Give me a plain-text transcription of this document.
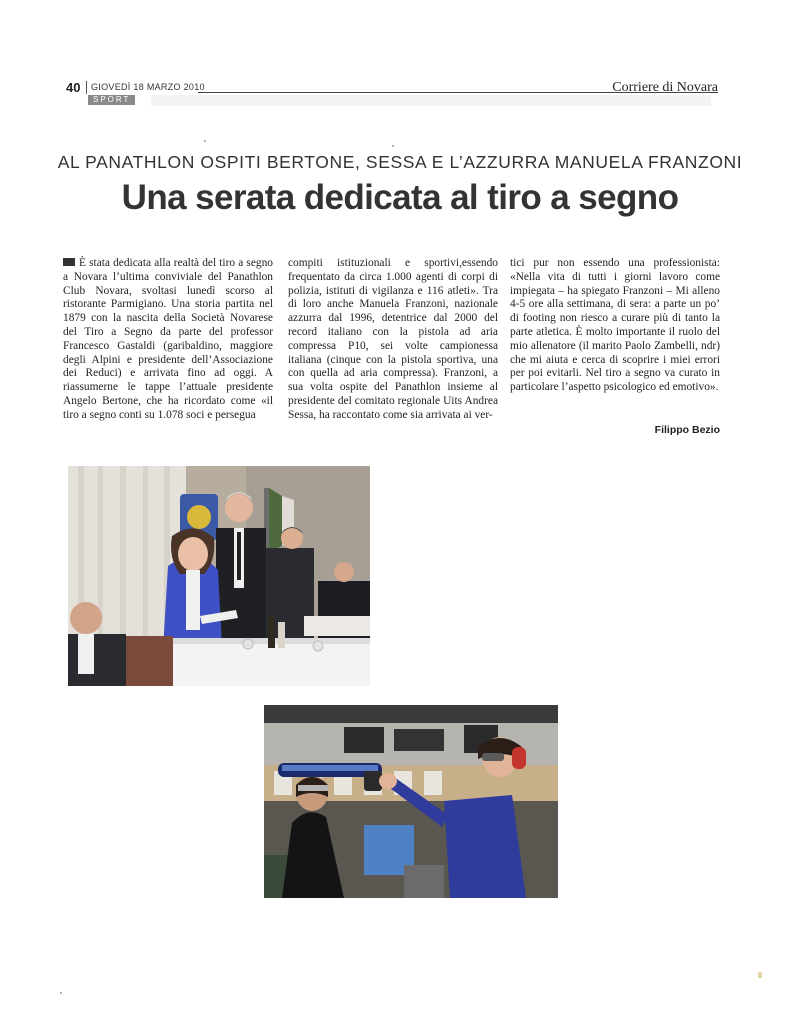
40 GIOVEDÌ 18 MARZO 2010
SPORT
Corriere di Novara
AL PANATHLON OSPITI BERTONE, SESSA E L’AZZURRA MANUELA FRANZONI
Una serata dedicata al tiro a segno
È stata dedicata alla realtà del tiro a segno a Novara l’ultima conviviale del Panathlon Club Novara, svoltasi lunedì scorso al ristorante Parmigiano. Una storia partita nel 1879 con la nascita della Società Novarese del Tiro a Segno da parte del professor Francesco Gastaldi (garibaldino, maggiore degli Alpini e presidente dell’Associazione dei Reduci) e arrivata fino ad oggi. A riassumerne le tappe l’attuale presidente Angelo Bertone, che ha ricordato come «il tiro a segno conti su 1.078 soci e persegua
compiti istituzionali e sportivi,essendo frequentato da circa 1.000 agenti di corpi di polizia, istituti di vigilanza e 116 atleti». Tra di loro anche Manuela Franzoni, nazionale azzurra dal 1996, detentrice dal 2000 del record italiano con la pistola ad aria compressa P10, sei volte campionessa italiana (cinque con la pistola sportiva, una con quella ad aria compressa). Franzoni, a sua volta ospite del Panathlon insieme al presidente del comitato regionale Uits Andrea Sessa, ha raccontato come sia arrivata ai ver-
tici pur non essendo una professionista: «Nella vita di tutti i giorni lavoro come impiegata – ha spiegato Franzoni – Mi alleno 4-5 ore alla settimana, di sera: a parte un po’ di footing non riesco a curare più di tanto la parte atletica. È molto importante il ruolo del mio allenatore (il marito Paolo Zambelli, ndr) che mi aiuta e cerca di scoprire i miei errori per poi evitarli. Nel tiro a segno va curato in particolare l’aspetto psicologico ed emotivo».
Filippo Bezio
